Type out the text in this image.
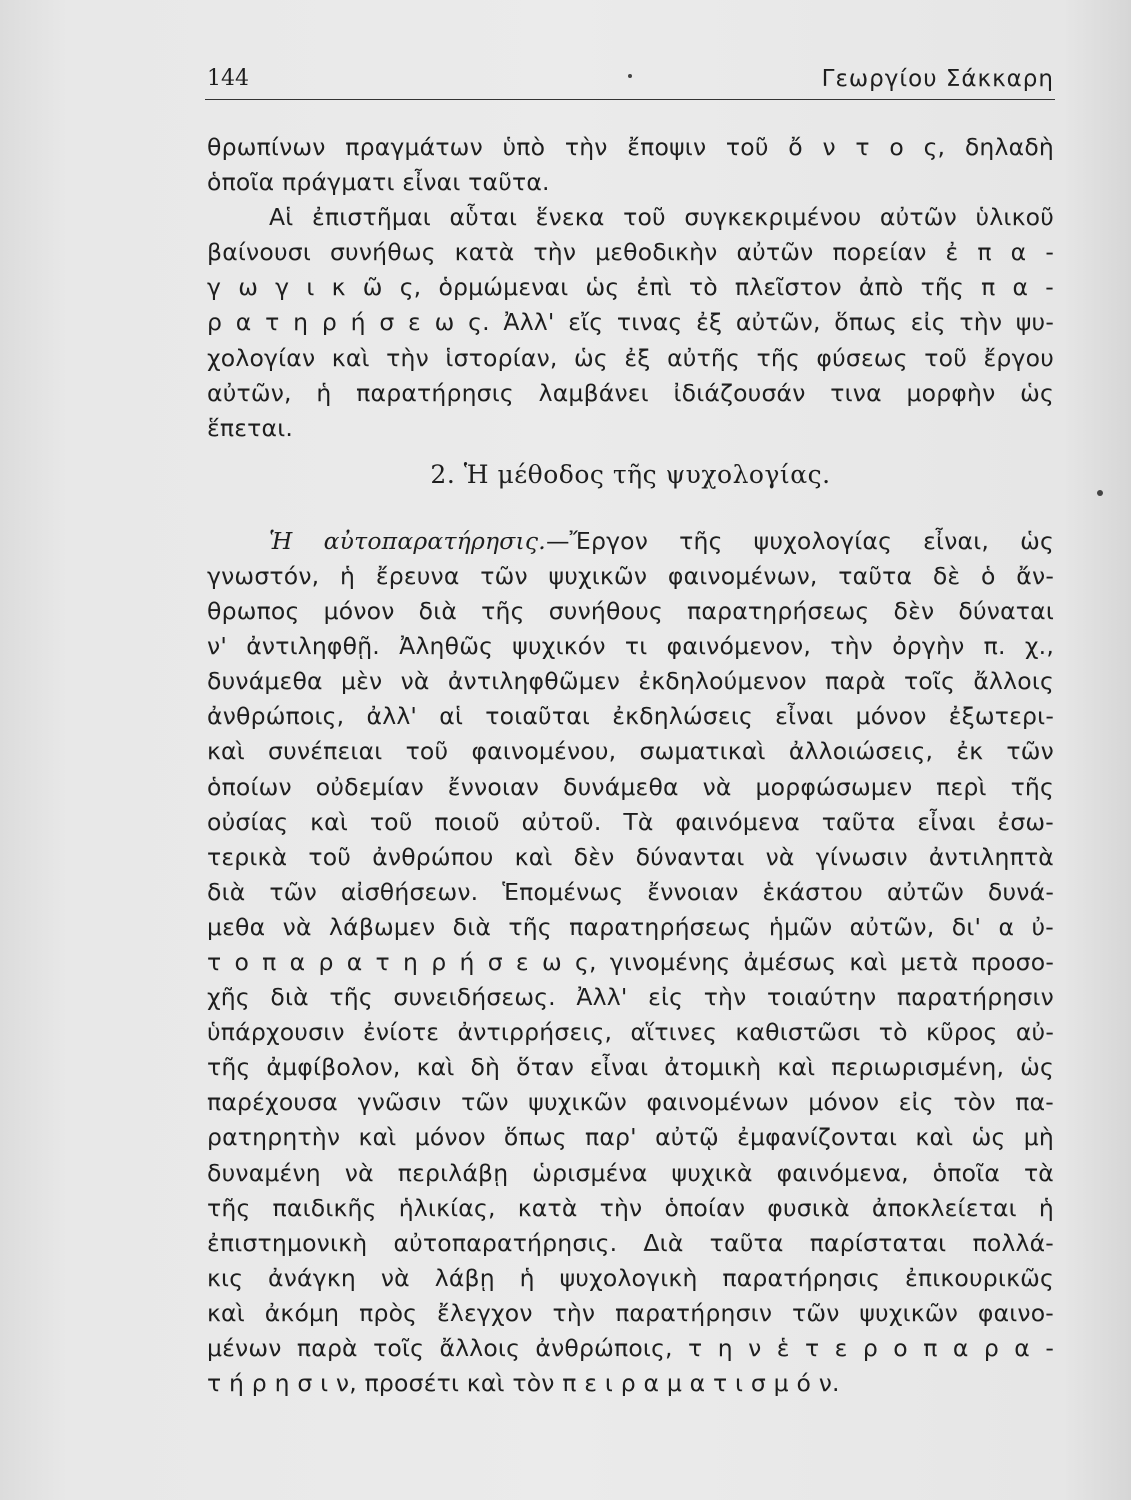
144	Γεωργίου Σάκκαρη
θρωπίνων πραγμάτων ὑπὸ τὴν ἔποψιν τοῦ ὄ ν τ ο ς, δηλαδὴ
ὁποῖα πράγματι εἶναι ταῦτα.
Αἱ ἐπιστῆμαι αὗται ἕνεκα τοῦ συγκεκριμένου αὐτῶν ὑλικοῦ
βαίνουσι συνήθως κατὰ τὴν μεθοδικὴν αὐτῶν πορείαν ἐ π α -
γ ω γ ι κ ῶ ς, ὁρμώμεναι ὡς ἐπὶ τὸ πλεῖστον ἀπὸ τῆς π α -
ρ α τ η ρ ή σ ε ω ς. Ἀλλ' εἴς τινας ἐξ αὐτῶν, ὅπως εἰς τὴν ψυ-
χολογίαν καὶ τὴν ἱστορίαν, ὡς ἐξ αὐτῆς τῆς φύσεως τοῦ ἔργου
αὐτῶν, ἡ παρατήρησις λαμβάνει ἰδιάζουσάν τινα μορφὴν ὡς
ἕπεται.
2. Ἡ μέθοδος τῆς ψυχολογίας.
Ἡ αὐτοπαρατήρησις.—Ἔργον τῆς ψυχολογίας εἶναι, ὡς
γνωστόν, ἡ ἔρευνα τῶν ψυχικῶν φαινομένων, ταῦτα δὲ ὁ ἄν-
θρωπος μόνον διὰ τῆς συνήθους παρατηρήσεως δὲν δύναται
ν' ἀντιληφθῇ. Ἀληθῶς ψυχικόν τι φαινόμενον, τὴν ὀργὴν π. χ.,
δυνάμεθα μὲν νὰ ἀντιληφθῶμεν ἐκδηλούμενον παρὰ τοῖς ἄλλοις
ἀνθρώποις, ἀλλ' αἱ τοιαῦται ἐκδηλώσεις εἶναι μόνον ἐξωτερι-
καὶ συνέπειαι τοῦ φαινομένου, σωματικαὶ ἀλλοιώσεις, ἐκ τῶν
ὁποίων οὐδεμίαν ἔννοιαν δυνάμεθα νὰ μορφώσωμεν περὶ τῆς
οὐσίας καὶ τοῦ ποιοῦ αὐτοῦ. Τὰ φαινόμενα ταῦτα εἶναι ἐσω-
τερικὰ τοῦ ἀνθρώπου καὶ δὲν δύνανται νὰ γίνωσιν ἀντιληπτὰ
διὰ τῶν αἰσθήσεων. Ἑπομένως ἔννοιαν ἑκάστου αὐτῶν δυνά-
μεθα νὰ λάβωμεν διὰ τῆς παρατηρήσεως ἡμῶν αὐτῶν, δι' α ὐ-
τ ο π α ρ α τ η ρ ή σ ε ω ς, γινομένης ἀμέσως καὶ μετὰ προσο-
χῆς διὰ τῆς συνειδήσεως. Ἀλλ' εἰς τὴν τοιαύτην παρατήρησιν
ὑπάρχουσιν ἐνίοτε ἀντιρρήσεις, αἵτινες καθιστῶσι τὸ κῦρος αὐ-
τῆς ἀμφίβολον, καὶ δὴ ὅταν εἶναι ἀτομικὴ καὶ περιωρισμένη, ὡς
παρέχουσα γνῶσιν τῶν ψυχικῶν φαινομένων μόνον εἰς τὸν πα-
ρατηρητὴν καὶ μόνον ὅπως παρ' αὐτῷ ἐμφανίζονται καὶ ὡς μὴ
δυναμένη νὰ περιλάβῃ ὡρισμένα ψυχικὰ φαινόμενα, ὁποῖα τὰ
τῆς παιδικῆς ἡλικίας, κατὰ τὴν ὁποίαν φυσικὰ ἀποκλείεται ἡ
ἐπιστημονικὴ αὐτοπαρατήρησις. Διὰ ταῦτα παρίσταται πολλά-
κις ἀνάγκη νὰ λάβῃ ἡ ψυχολογικὴ παρατήρησις ἐπικουρικῶς
καὶ ἀκόμη πρὸς ἔλεγχον τὴν παρατήρησιν τῶν ψυχικῶν φαινο-
μένων παρὰ τοῖς ἄλλοις ἀνθρώποις, τ η ν ἑ τ ε ρ ο π α ρ α -
τ ή ρ η σ ι ν, προσέτι καὶ τὸν π ε ι ρ α μ α τ ι σ μ ό ν.
